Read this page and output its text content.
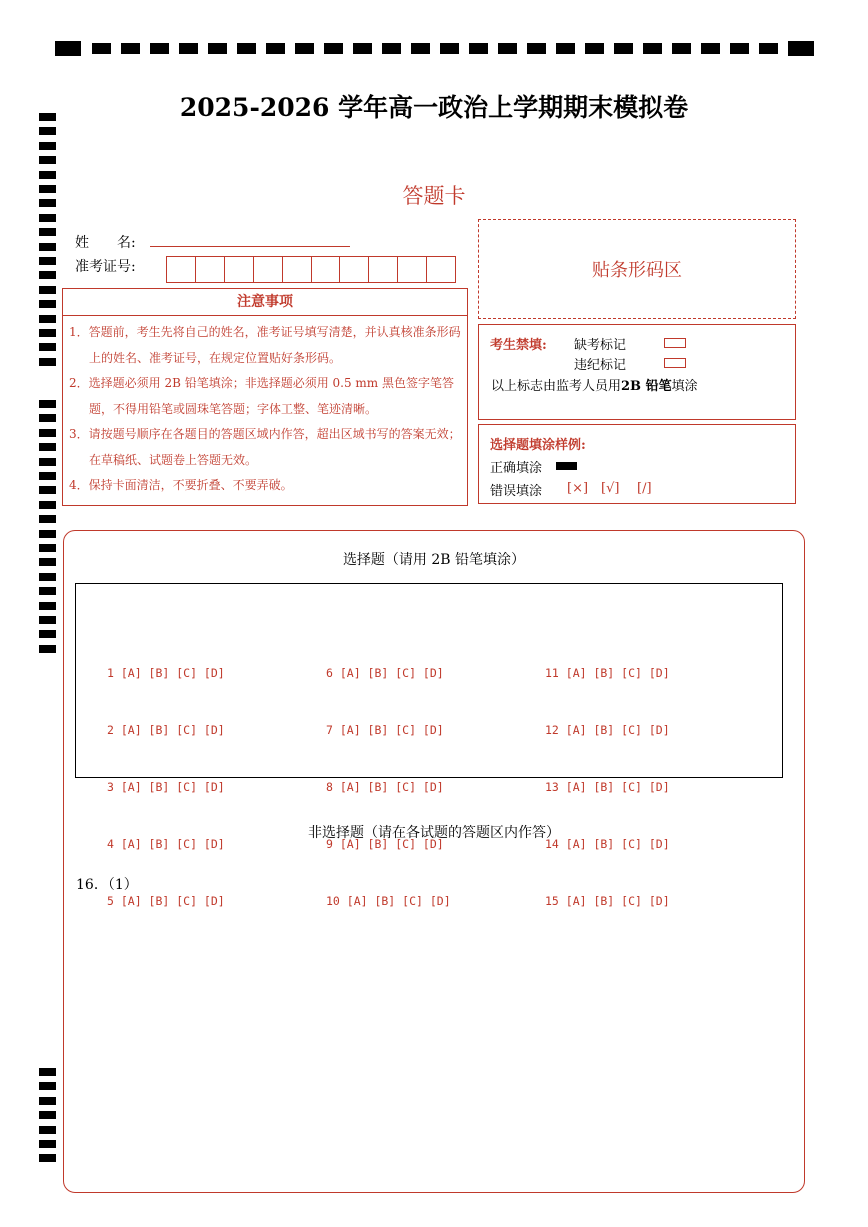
2025-2026 学年高一政治上学期期末模拟卷
答题卡
姓　　名:
准考证号:
注意事项
1．答题前，考生先将自己的姓名，准考证号填写清楚，并认真核准条形码上的姓名、准考证号，在规定位置贴好条形码。
2．选择题必须用 2B 铅笔填涂；非选择题必须用 0.5 mm 黑色签字笔答题，不得用铅笔或圆珠笔答题；字体工整、笔迹清晰。
3．请按题号顺序在各题目的答题区域内作答，超出区域书写的答案无效；在草稿纸、试题卷上答题无效。
4．保持卡面清洁，不要折叠、不要弄破。
贴条形码区
考生禁填: 缺考标记
违纪标记
以上标志由监考人员用2B 铅笔填涂
选择题填涂样例:
正确填涂
错误填涂 [×] [√] [/]
选择题（请用 2B 铅笔填涂）

1 [A] [B] [C] [D]

2 [A] [B] [C] [D]

3 [A] [B] [C] [D]

4 [A] [B] [C] [D]

5 [A] [B] [C] [D]

6 [A] [B] [C] [D]

7 [A] [B] [C] [D]

8 [A] [B] [C] [D]

9 [A] [B] [C] [D]

10 [A] [B] [C] [D]

11 [A] [B] [C] [D]

12 [A] [B] [C] [D]

13 [A] [B] [C] [D]

14 [A] [B] [C] [D]

15 [A] [B] [C] [D]

非选择题（请在各试题的答题区内作答）
16．（1）
